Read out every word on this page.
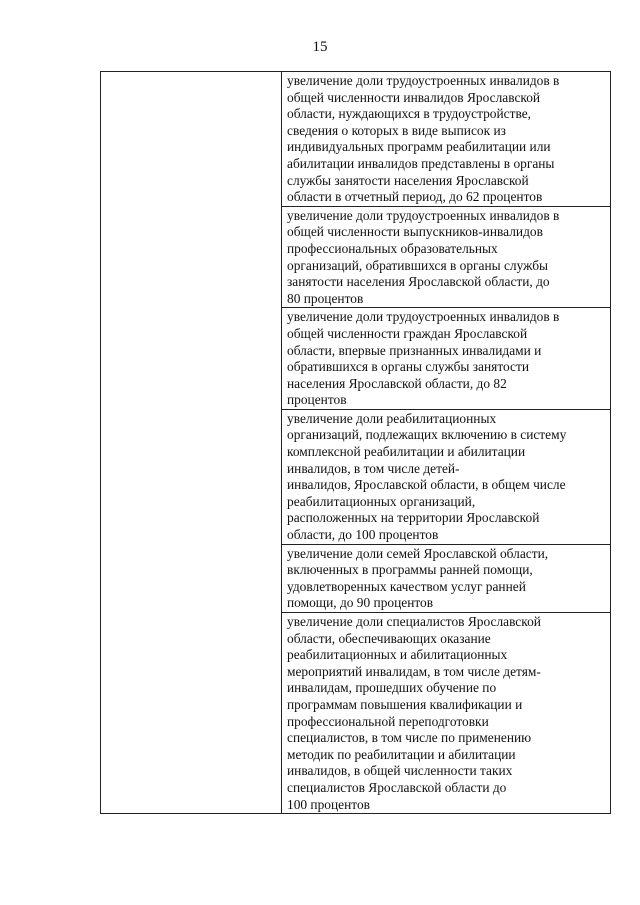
15

увеличение доли трудоустроенных инвалидов в
общей численности инвалидов Ярославской
области, нуждающихся в трудоустройстве,
сведения о которых в виде выписок из
индивидуальных программ реабилитации или
абилитации инвалидов представлены в органы
службы занятости населения Ярославской
области в отчетный период, до 62 процентов

увеличение доли трудоустроенных инвалидов в
общей численности выпускников-инвалидов
профессиональных образовательных
организаций, обратившихся в органы службы
занятости населения Ярославской области, до
80 процентов

увеличение доли трудоустроенных инвалидов в
общей численности граждан Ярославской
области, впервые признанных инвалидами и
обратившихся в органы службы занятости
населения Ярославской области, до 82
процентов

увеличение доли реабилитационных
организаций, подлежащих включению в систему
комплексной реабилитации и абилитации
инвалидов, в том числе детей-
инвалидов, Ярославской области, в общем числе
реабилитационных организаций,
расположенных на территории Ярославской
области, до 100 процентов

увеличение доли семей Ярославской области,
включенных в программы ранней помощи,
удовлетворенных качеством услуг ранней
помощи, до 90 процентов

увеличение доли специалистов Ярославской
области, обеспечивающих оказание
реабилитационных и абилитационных
мероприятий инвалидам, в том числе детям-
инвалидам, прошедших обучение по
программам повышения квалификации и
профессиональной переподготовки
специалистов, в том числе по применению
методик по реабилитации и абилитации
инвалидов, в общей численности таких
специалистов Ярославской области до
100 процентов
